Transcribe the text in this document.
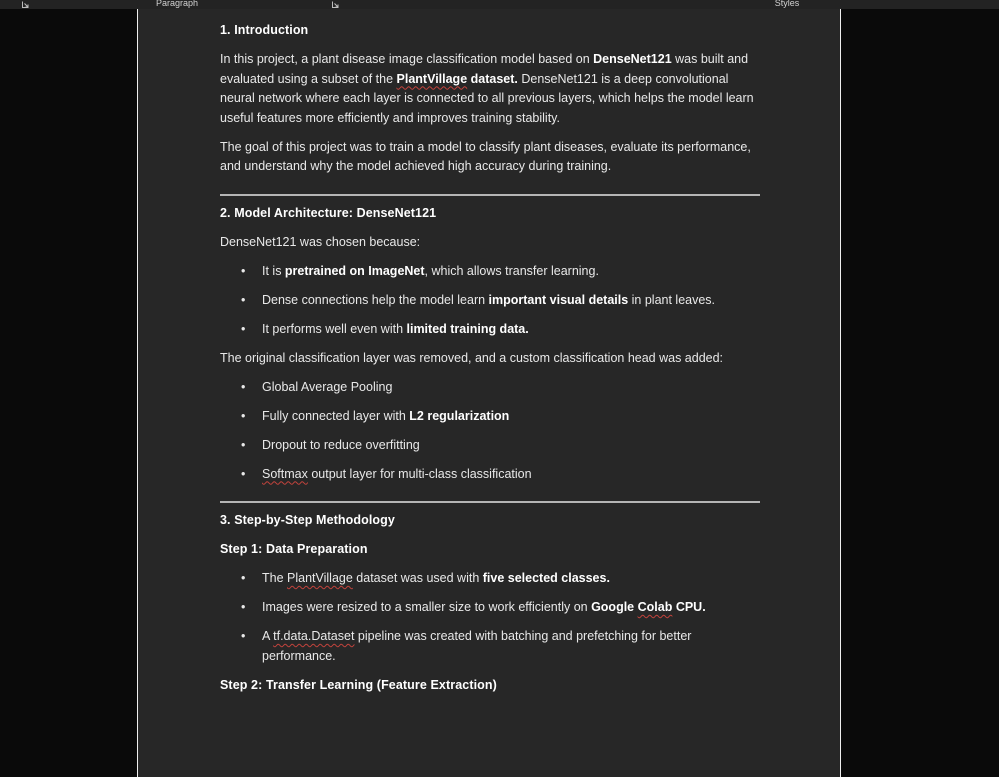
Paragraph	Styles
1. Introduction
In this project, a plant disease image classification model based on DenseNet121 was built and evaluated using a subset of the PlantVillage dataset. DenseNet121 is a deep convolutional neural network where each layer is connected to all previous layers, which helps the model learn useful features more efficiently and improves training stability.
The goal of this project was to train a model to classify plant diseases, evaluate its performance, and understand why the model achieved high accuracy during training.
2. Model Architecture: DenseNet121
DenseNet121 was chosen because:
• It is pretrained on ImageNet, which allows transfer learning.
• Dense connections help the model learn important visual details in plant leaves.
• It performs well even with limited training data.
The original classification layer was removed, and a custom classification head was added:
• Global Average Pooling
• Fully connected layer with L2 regularization
• Dropout to reduce overfitting
• Softmax output layer for multi-class classification
3. Step-by-Step Methodology
Step 1: Data Preparation
• The PlantVillage dataset was used with five selected classes.
• Images were resized to a smaller size to work efficiently on Google Colab CPU.
• A tf.data.Dataset pipeline was created with batching and prefetching for better performance.
Step 2: Transfer Learning (Feature Extraction)
